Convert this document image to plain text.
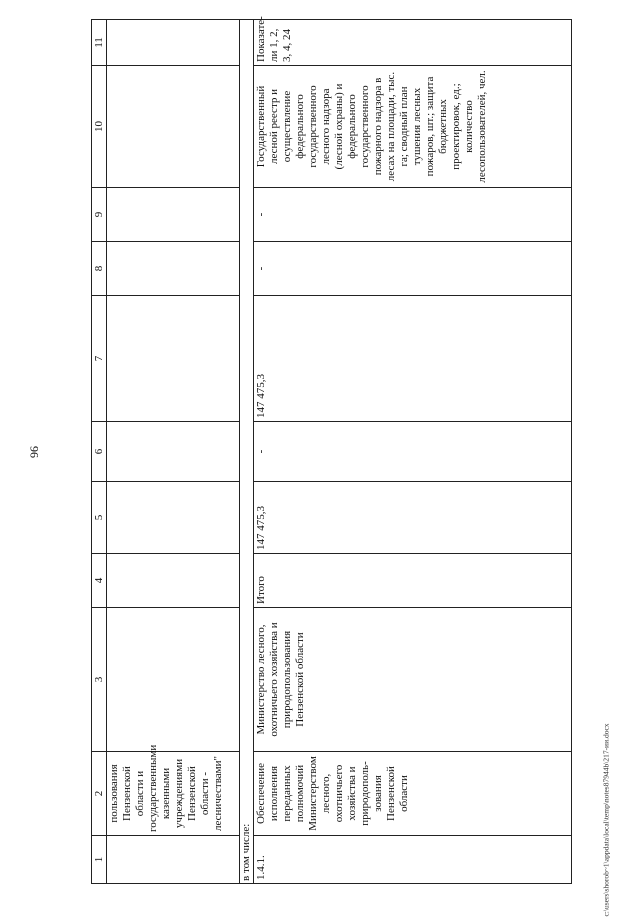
96
c:\users\shorob~1\appdata\local\temp\notes87944b\217-ии.docx
1	2	3	4	5	6	7	8	9	10	11
	пользования Пензенской области и государственными казенными учреждениями Пензенской области - лесничествами"									
в том числе:										
1.4.1.	Обеспечение исполнения переданных полномочий Министерством лесного, охотничьего хозяйства и природополь-зования Пензенской области	Министерство лесного, охотничьего хозяйства и природопользования Пензенской области	Итого	147 475,3	-	147 475,3	-	-	Государственный лесной реестр и осуществление федерального государственного лесного надзора (лесной охраны) и федерального государственного пожарного надзора в лесах на площади, тыс. га; сводный план тушения лесных пожаров, шт.; защита бюджетных проектировок, ед.; количество лесопользователей, чел.	Показате-ли 1, 2, 3, 4, 24
